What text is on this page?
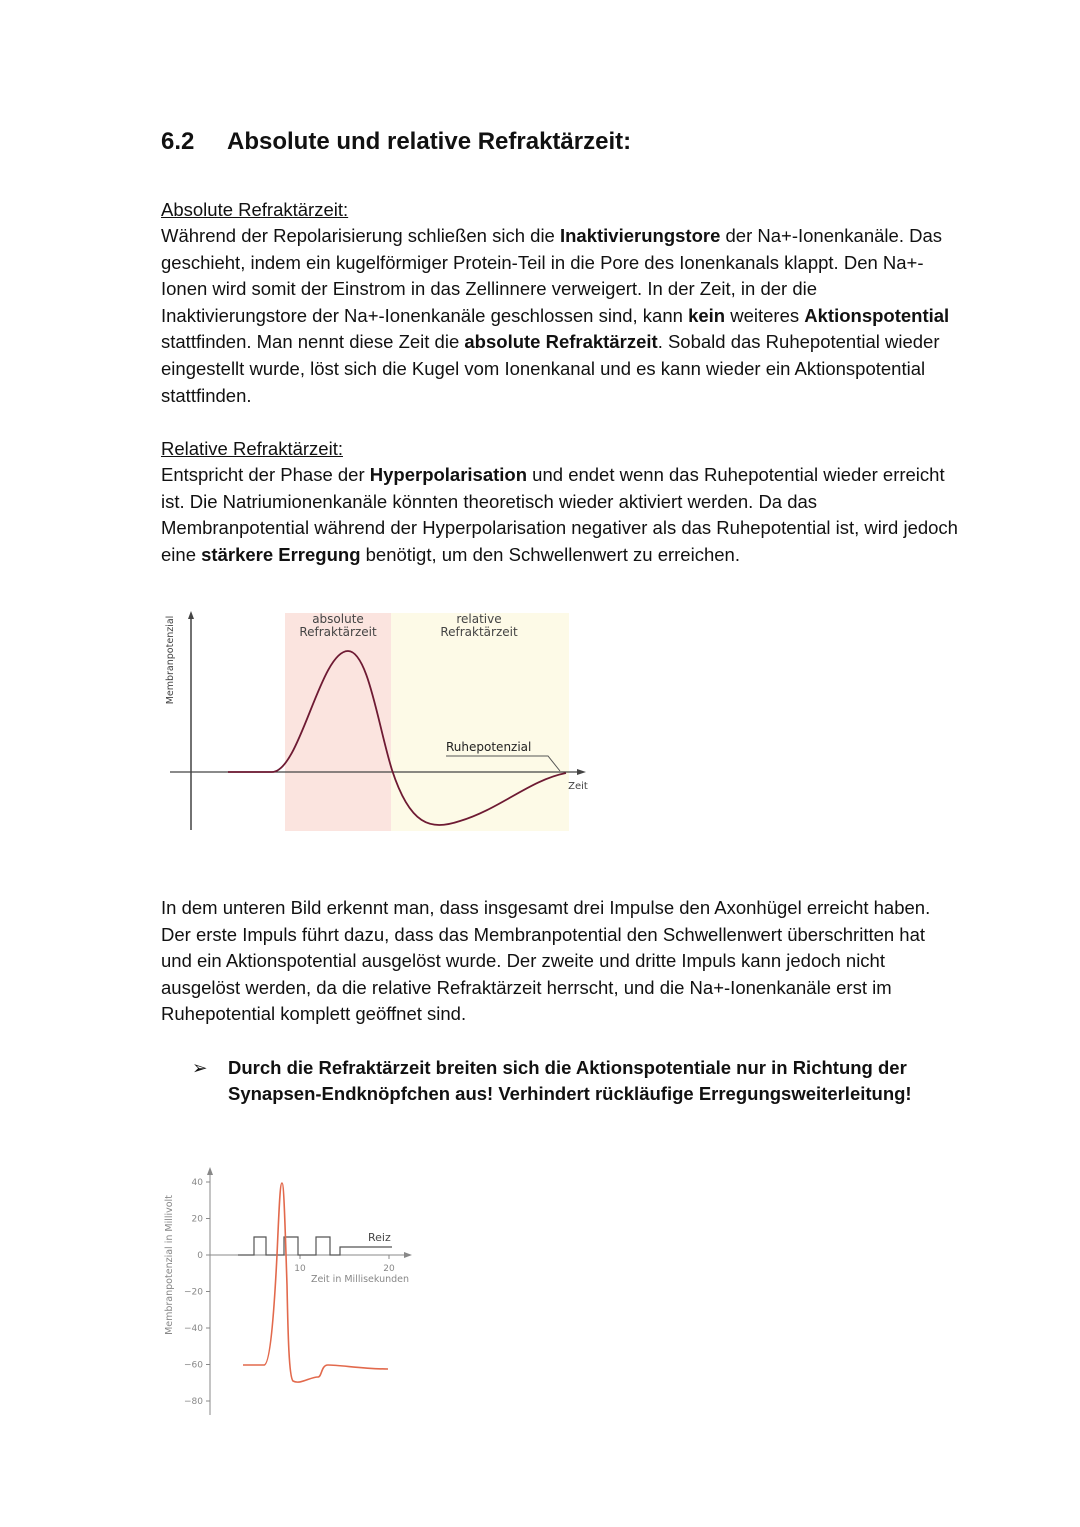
6.2 Absolute und relative Refraktärzeit:
Absolute Refraktärzeit:

Während der Repolarisierung schließen sich die Inaktivierungstore der Na+-Ionenkanäle. Das geschieht, indem ein kugelförmiger Protein-Teil in die Pore des Ionenkanals klappt. Den Na+-Ionen wird somit der Einstrom in das Zellinnere verweigert. In der Zeit, in der die Inaktivierungstore der Na+-Ionenkanäle geschlossen sind, kann kein weiteres Aktionspotential stattfinden. Man nennt diese Zeit die absolute Refraktärzeit. Sobald das Ruhepotential wieder eingestellt wurde, löst sich die Kugel vom Ionenkanal und es kann wieder ein Aktionspotential stattfinden.

Relative Refraktärzeit:

Entspricht der Phase der Hyperpolarisation und endet wenn das Ruhepotential wieder erreicht ist. Die Natriumionenkanäle könnten theoretisch wieder aktiviert werden. Da das Membranpotential während der Hyperpolarisation negativer als das Ruhepotential ist, wird jedoch eine stärkere Erregung benötigt, um den Schwellenwert zu erreichen.

Membranpotenzial
Zeit
absolute
Refraktärzeit
relative
Refraktärzeit
Ruhepotenzial

In dem unteren Bild erkennt man, dass insgesamt drei Impulse den Axonhügel erreicht haben. Der erste Impuls führt dazu, dass das Membranpotential den Schwellenwert überschritten hat und ein Aktionspotential ausgelöst wurde. Der zweite und dritte Impuls kann jedoch nicht ausgelöst werden, da die relative Refraktärzeit herrscht, und die Na+-Ionenkanäle erst im Ruhepotential komplett geöffnet sind.

➢ Durch die Refraktärzeit breiten sich die Aktionspotentiale nur in Richtung der Synapsen-Endknöpfchen aus! Verhindert rückläufige Erregungsweiterleitung!
40
20
0
−20
−40
−60
−80
10	20
Membranpotenzial in Millivolt	Zeit in Millisekunden
Reiz
